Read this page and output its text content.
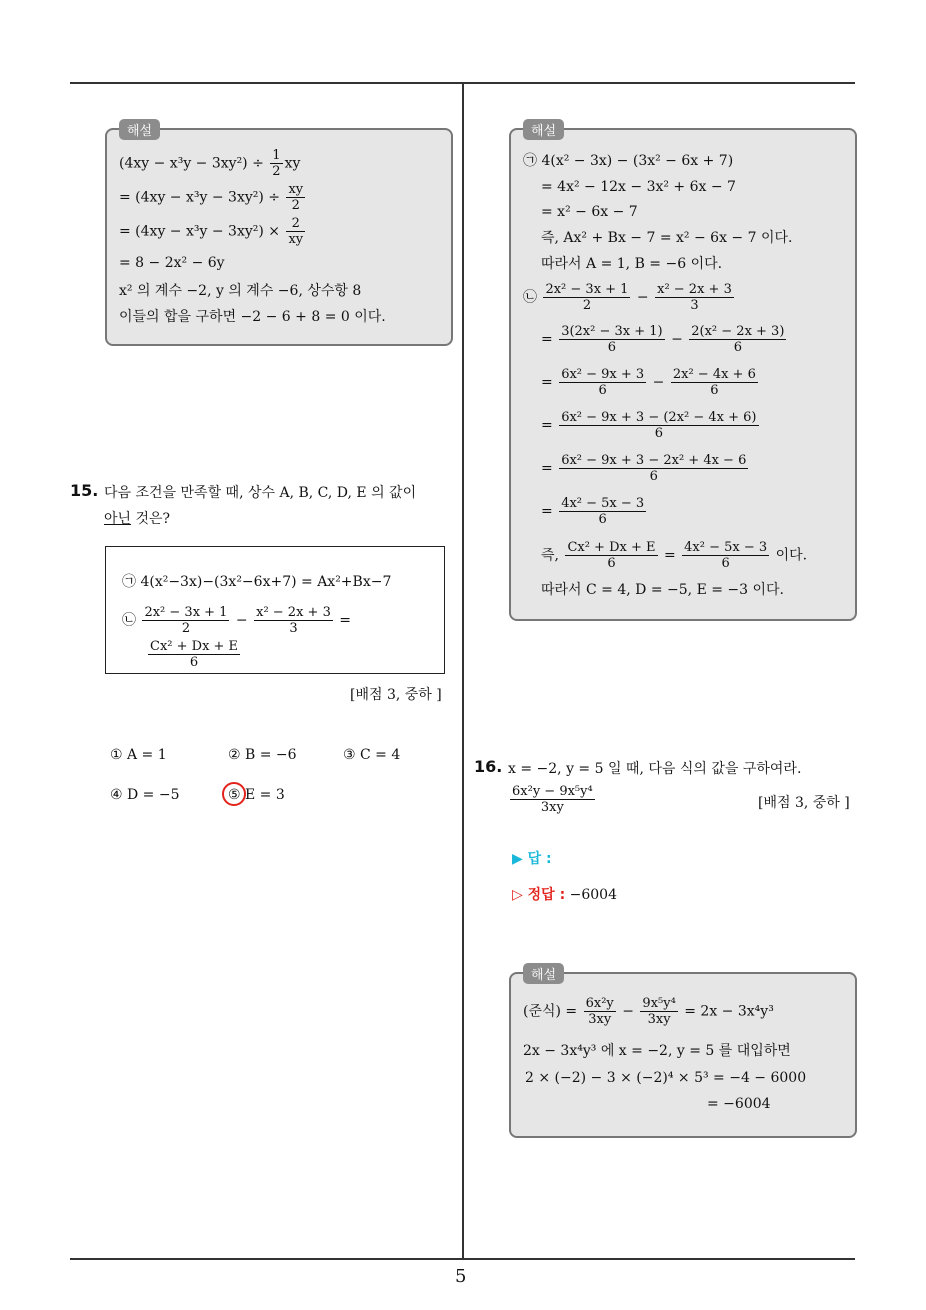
5
해설
$(4xy - x^3y - 3xy^2) \div \frac{1}{2}$ xy
= $(4xy - x^3y - 3xy^2) \div \frac{xy}{2}$
= $(4xy - x^3y - 3xy^2) \times \frac{2}{xy}$
= 8 − 2x² − 6y
x² 의 계수 −2, y 의 계수 −6, 상수항 8
이들의 합을 구하면 −2 − 6 + 8 = 0 이다.
15. 다음 조건을 만족할 때, 상수 A, B, C, D, E 의 값이
아닌 것은?
㉠ 4(x²−3x)−(3x²−6x+7) = Ax²+Bx−7
㉡ $\frac{\text{2x² − 3x + 1}}{2} - \frac{\text{x² − 2x + 3}}{3}$ =
$\frac{\text{Cx² + Dx + E}}{6}$
[배점 3, 중하 ]
① A = 1	② B = −6	③ C = 4
④ D = −5	⑤ E = 3
해설
㉠ 4(x² − 3x) − (3x² − 6x + 7)
= 4x² − 12x − 3x² + 6x − 7
= x² − 6x − 7
즉, Ax² + Bx − 7 = x² − 6x − 7 이다.
따라서 A = 1, B = −6 이다.
㉡ $\frac{\text{2x² − 3x + 1}}{2} - \frac{\text{x² − 2x + 3}}{3}$
= $\frac{\text{3(2x² − 3x + 1)}}{6} - \frac{\text{2(x² − 2x + 3)}}{6}$
= $\frac{\text{6x² − 9x + 3}}{6} - \frac{\text{2x² − 4x + 6}}{6}$
= $\frac{\text{6x² − 9x + 3 − (2x² − 4x + 6)}}{6}$
= $\frac{\text{6x² − 9x + 3 − 2x² + 4x − 6}}{6}$
= $\frac{\text{4x² − 5x − 3}}{6}$
즉, $\frac{\text{Cx² + Dx + E}}{6} = \frac{\text{4x² − 5x − 3}}{6}$ 이다.
따라서 C = 4, D = −5, E = −3 이다.
16. x = −2, y = 5 일 때, 다음 식의 값을 구하여라.
$\frac{\text{6x²y − 9x⁵y⁴}}{3xy}$	[배점 3, 중하 ]
▶ 답 :
▷ 정답 : −6004
해설
(준식) = $\frac{\text{6x²y}}{3xy} - \frac{\text{9x⁵y⁴}}{3xy} = 2x - 3x^4y^3$
2x − 3x⁴y³ 에 x = −2, y = 5 를 대입하면
2 × (−2) − 3 × (−2)⁴ × 5³ = −4 − 6000
= −6004
